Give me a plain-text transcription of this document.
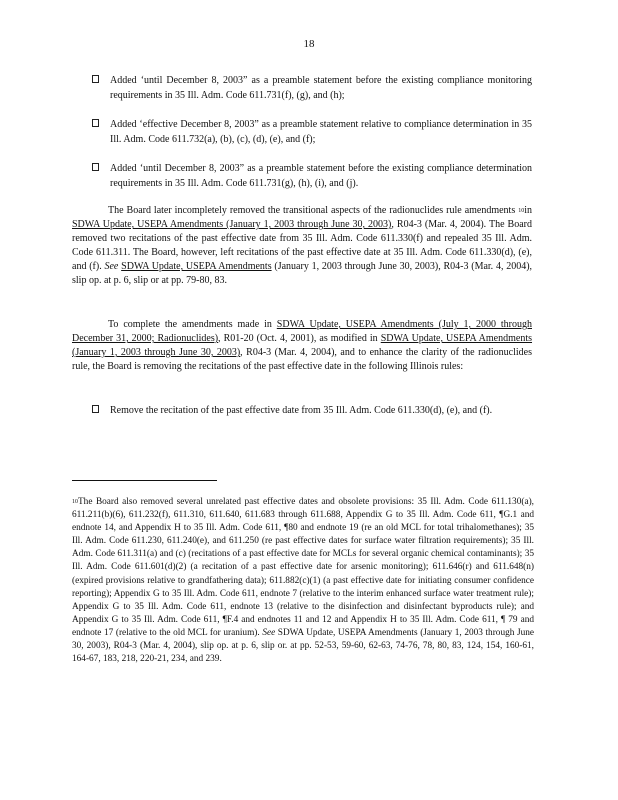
18
Added ‘until December 8, 2003” as a preamble statement before the existing compliance monitoring requirements in 35 Ill. Adm. Code 611.731(f), (g), and (h);
Added ‘effective December 8, 2003” as a preamble statement relative to compliance determination in 35 Ill. Adm. Code 611.732(a), (b), (c), (d), (e), and (f);
Added ‘until December 8, 2003” as a preamble statement before the existing compliance determination requirements in 35 Ill. Adm. Code 611.731(g), (h), (i), and (j).
The Board later incompletely removed the transitional aspects of the radionuclides rule amendments $^{10}$in SDWA Update, USEPA Amendments (January 1, 2003 through June 30, 2003), R04-3 (Mar. 4, 2004). The Board removed two recitations of the past effective date from 35 Ill. Adm. Code 611.330(f) and repealed 35 Ill. Adm. Code 611.311. The Board, however, left recitations of the past effective date at 35 Ill. Adm. Code 611.330(d), (e), and (f). See SDWA Update, USEPA Amendments (January 1, 2003 through June 30, 2003), R04-3 (Mar. 4, 2004), slip op. at p. 6, slip or at pp. 79-80, 83.
To complete the amendments made in SDWA Update, USEPA Amendments (July 1, 2000 through December 31, 2000; Radionuclides), R01-20 (Oct. 4, 2001), as modified in SDWA Update, USEPA Amendments (January 1, 2003 through June 30, 2003), R04-3 (Mar. 4, 2004), and to enhance the clarity of the radionuclides rule, the Board is removing the recitations of the past effective date in the following Illinois rules:
Remove the recitation of the past effective date from 35 Ill. Adm. Code 611.330(d), (e), and (f).
$^{10}$The Board also removed several unrelated past effective dates and obsolete provisions: 35 Ill. Adm. Code 611.130(a), 611.211(b)(6), 611.232(f), 611.310, 611.640, 611.683 through 611.688, Appendix G to 35 Ill. Adm. Code 611, ¶G.1 and endnote 14, and Appendix H to 35 Ill. Adm. Code 611, ¶80 and endnote 19 (re an old MCL for total trihalomethanes); 35 Ill. Adm. Code 611.230, 611.240(e), and 611.250 (re past effective dates for surface water filtration requirements); 35 Ill. Adm. Code 611.311(a) and (c) (recitations of a past effective date for MCLs for several organic chemical contaminants); 35 Ill. Adm. Code 611.601(d)(2) (a recitation of a past effective date for arsenic monitoring); 611.646(r) and 611.648(n) (expired provisions relative to grandfathering data); 611.882(c)(1) (a past effective date for initiating consumer confidence reporting); Appendix G to 35 Ill. Adm. Code 611, endnote 7 (relative to the interim enhanced surface water treatment rule); Appendix G to 35 Ill. Adm. Code 611, endnote 13 (relative to the disinfection and disinfectant byproducts rule); and Appendix G to 35 Ill. Adm. Code 611, ¶F.4 and endnotes 11 and 12 and Appendix H to 35 Ill. Adm. Code 611, ¶ 79 and endnote 17 (relative to the old MCL for uranium). See SDWA Update, USEPA Amendments (January 1, 2003 through June 30, 2003), R04-3 (Mar. 4, 2004), slip op. at p. 6, slip or. at pp. 52-53, 59-60, 62-63, 74-76, 78, 80, 83, 124, 154, 160-61, 164-67, 183, 218, 220-21, 234, and 239.
